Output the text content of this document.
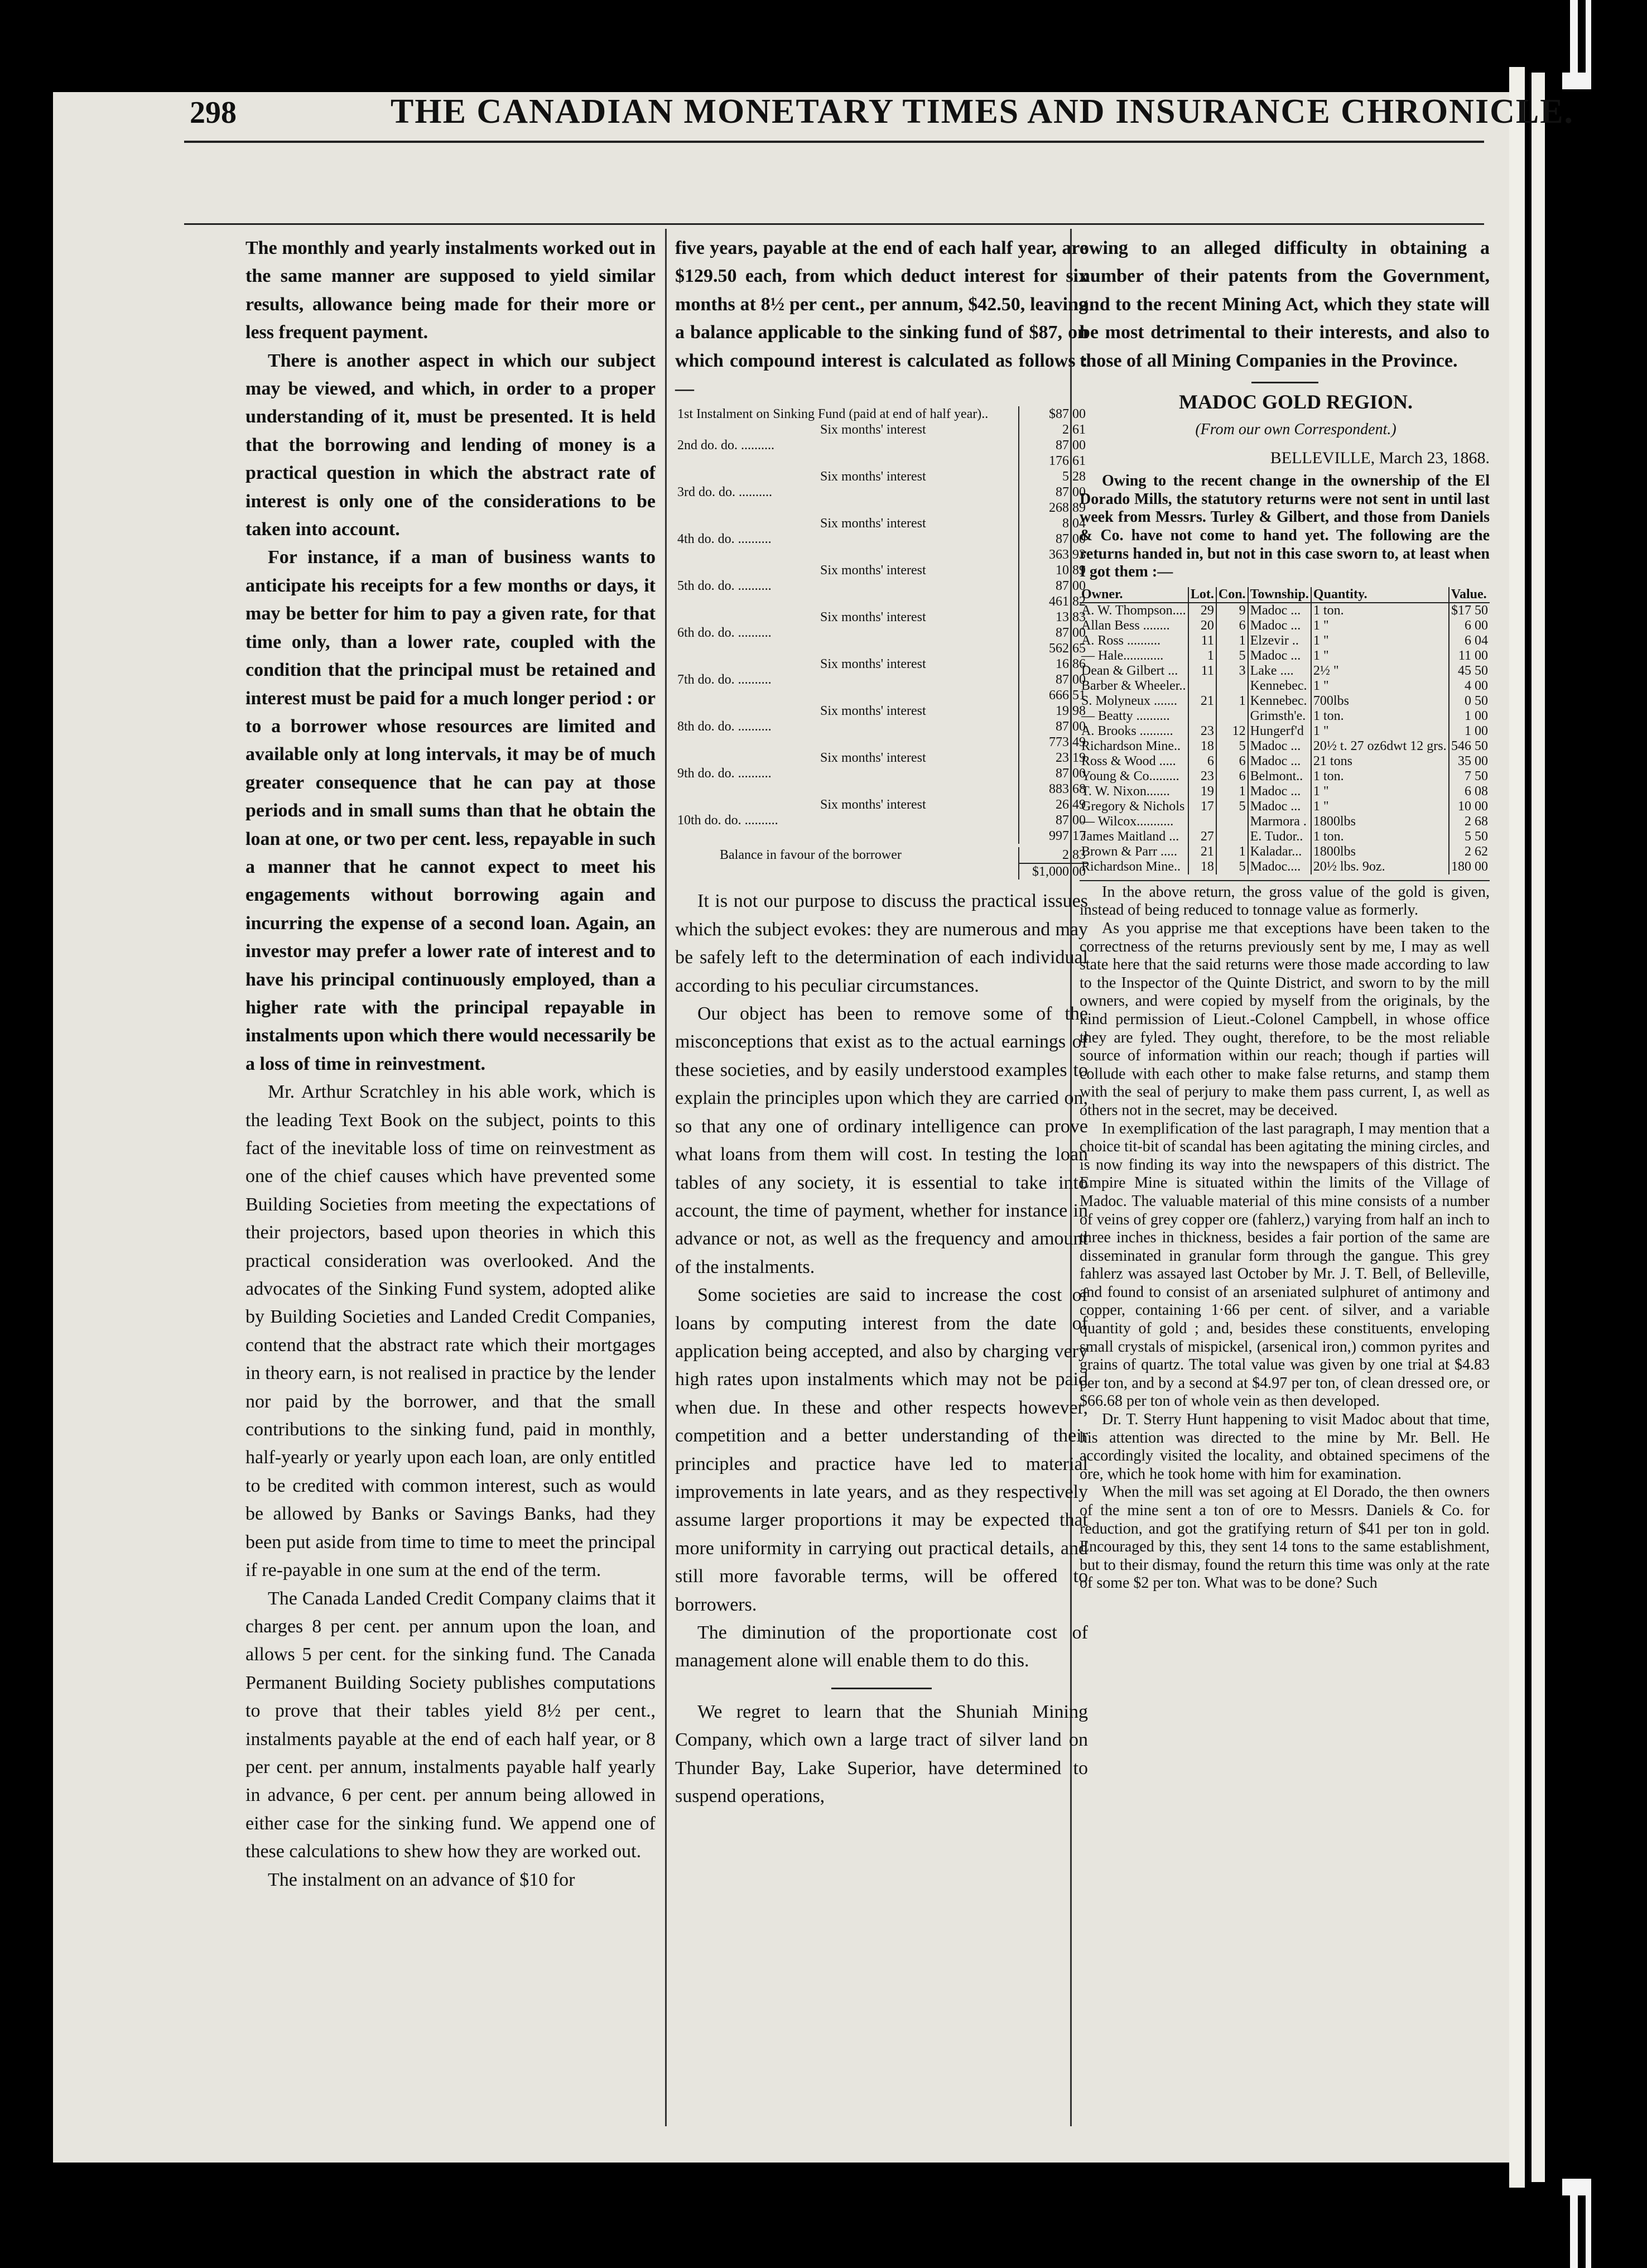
298	THE CANADIAN MONETARY TIMES AND INSURANCE CHRONICLE.

The monthly and yearly instalments worked out in the same manner are supposed to yield similar results, allowance being made for their more or less frequent payment.

There is another aspect in which our subject may be viewed, and which, in order to a proper understanding of it, must be presented. It is held that the borrowing and lending of money is a practical question in which the abstract rate of interest is only one of the considerations to be taken into account.

For instance, if a man of business wants to anticipate his receipts for a few months or days, it may be better for him to pay a given rate, for that time only, than a lower rate, coupled with the condition that the principal must be retained and interest must be paid for a much longer period : or to a borrower whose resources are limited and available only at long intervals, it may be of much greater consequence that he can pay at those periods and in small sums than that he obtain the loan at one, or two per cent. less, repayable in such a manner that he cannot expect to meet his engagements without borrowing again and incurring the expense of a second loan. Again, an investor may prefer a lower rate of interest and to have his principal continuously employed, than a higher rate with the principal repayable in instalments upon which there would necessarily be a loss of time in reinvestment.

Mr. Arthur Scratchley in his able work, which is the leading Text Book on the subject, points to this fact of the inevitable loss of time on reinvestment as one of the chief causes which have prevented some Building Societies from meeting the expectations of their projectors, based upon theories in which this practical consideration was overlooked. And the advocates of the Sinking Fund system, adopted alike by Building Societies and Landed Credit Companies, contend that the abstract rate which their mortgages in theory earn, is not realised in practice by the lender nor paid by the borrower, and that the small contributions to the sinking fund, paid in monthly, half-yearly or yearly upon each loan, are only entitled to be credited with common interest, such as would be allowed by Banks or Savings Banks, had they been put aside from time to time to meet the principal if re-payable in one sum at the end of the term.

The Canada Landed Credit Company claims that it charges 8 per cent. per annum upon the loan, and allows 5 per cent. for the sinking fund. The Canada Permanent Building Society publishes computations to prove that their tables yield 8½ per cent., instalments payable at the end of each half year, or 8 per cent. per annum, instalments payable half yearly in advance, 6 per cent. per annum being allowed in either case for the sinking fund. We append one of these calculations to shew how they are worked out.

The instalment on an advance of $10 for

five years, payable at the end of each half year, are $129.50 each, from which deduct interest for six months at 8½ per cent., per annum, $42.50, leaving a balance applicable to the sinking fund of $87, on which compound interest is calculated as follows :—

1st Instalment on Sinking Fund (paid at end of half year)..	$87 00
Six months' interest	2 61
2nd do. do. ..........	87 00
	176 61
Six months' interest	5 28
3rd do. do. ..........	87 00
	268 89
Six months' interest	8 04
4th do. do. ..........	87 00
	363 93
Six months' interest	10 89
5th do. do. ..........	87 00
	461 82
Six months' interest	13 83
6th do. do. ..........	87 00
	562 65
Six months' interest	16 86
7th do. do. ..........	87 00
	666 51
Six months' interest	19 98
8th do. do. ..........	87 00
	773 49
Six months' interest	23 19
9th do. do. ..........	87 00
	883 68
Six months' interest	26 49
10th do. do. ..........	87 00
	997 17
Balance in favour of the borrower	2 83
	$1,000 00

It is not our purpose to discuss the practical issues which the subject evokes: they are numerous and may be safely left to the determination of each individual according to his peculiar circumstances.

Our object has been to remove some of the misconceptions that exist as to the actual earnings of these societies, and by easily understood examples to explain the principles upon which they are carried on, so that any one of ordinary intelligence can prove what loans from them will cost. In testing the loan tables of any society, it is essential to take into account, the time of payment, whether for instance in advance or not, as well as the frequency and amount of the instalments.

Some societies are said to increase the cost of loans by computing interest from the date of application being accepted, and also by charging very high rates upon instalments which may not be paid when due. In these and other respects however, competition and a better understanding of their principles and practice have led to material improvements in late years, and as they respectively assume larger proportions it may be expected that more uniformity in carrying out practical details, and still more favorable terms, will be offered to borrowers.

The diminution of the proportionate cost of management alone will enable them to do this.

We regret to learn that the Shuniah Mining Company, which own a large tract of silver land on Thunder Bay, Lake Superior, have determined to suspend operations,

owing to an alleged difficulty in obtaining a number of their patents from the Government, and to the recent Mining Act, which they state will be most detrimental to their interests, and also to those of all Mining Companies in the Province.

MADOC GOLD REGION.

(From our own Correspondent.)

BELLEVILLE, March 23, 1868.

Owing to the recent change in the ownership of the El Dorado Mills, the statutory returns were not sent in until last week from Messrs. Turley & Gilbert, and those from Daniels & Co. have not come to hand yet. The following are the returns handed in, but not in this case sworn to, at least when I got them :—

Owner.	Lot.	Con.	Township.	Quantity.	Value.
A. W. Thompson....	29	9	Madoc ...	1 ton.	$17 50
Allan Bess ........	20	6	Madoc ...	1 "	6 00
A. Ross ..........	11	1	Elzevir ..	1 "	6 04
— Hale............	1	5	Madoc ...	1 "	11 00
Dean & Gilbert ...	11	3	Lake ....	2½ "	45 50
Barber & Wheeler..			Kennebec.	1 "	4 00
S. Molyneux .......	21	1	Kennebec.	700lbs	0 50
— Beatty ..........			Grimsth'e.	1 ton.	1 00
A. Brooks ..........	23	12	Hungerf'd	1 "	1 00
Richardson Mine..	18	5	Madoc ...	20½ t. 27 oz6dwt 12 grs.	546 50
Ross & Wood .....	6	6	Madoc ...	21 tons	35 00
Young & Co.........	23	6	Belmont..	1 ton.	7 50
T. W. Nixon.......	19	1	Madoc ...	1 "	6 08
Gregory & Nichols	17	5	Madoc ...	1 "	10 00
— Wilcox...........			Marmora .	1800lbs	2 68
James Maitland ...	27		E. Tudor..	1 ton.	5 50
Brown & Parr .....	21	1	Kaladar...	1800lbs	2 62
Richardson Mine..	18	5	Madoc....	20½ lbs. 9oz.	180 00

In the above return, the gross value of the gold is given, instead of being reduced to tonnage value as formerly.

As you apprise me that exceptions have been taken to the correctness of the returns previously sent by me, I may as well state here that the said returns were those made according to law to the Inspector of the Quinte District, and sworn to by the mill owners, and were copied by myself from the originals, by the kind permission of Lieut.-Colonel Campbell, in whose office they are fyled. They ought, therefore, to be the most reliable source of information within our reach; though if parties will collude with each other to make false returns, and stamp them with the seal of perjury to make them pass current, I, as well as others not in the secret, may be deceived.

In exemplification of the last paragraph, I may mention that a choice tit-bit of scandal has been agitating the mining circles, and is now finding its way into the newspapers of this district. The Empire Mine is situated within the limits of the Village of Madoc. The valuable material of this mine consists of a number of veins of grey copper ore (fahlerz,) varying from half an inch to three inches in thickness, besides a fair portion of the same are disseminated in granular form through the gangue. This grey fahlerz was assayed last October by Mr. J. T. Bell, of Belleville, and found to consist of an arseniated sulphuret of antimony and copper, containing 1·66 per cent. of silver, and a variable quantity of gold ; and, besides these constituents, enveloping small crystals of mispickel, (arsenical iron,) common pyrites and grains of quartz. The total value was given by one trial at $4.83 per ton, and by a second at $4.97 per ton, of clean dressed ore, or $66.68 per ton of whole vein as then developed.

Dr. T. Sterry Hunt happening to visit Madoc about that time, his attention was directed to the mine by Mr. Bell. He accordingly visited the locality, and obtained specimens of the ore, which he took home with him for examination.

When the mill was set agoing at El Dorado, the then owners of the mine sent a ton of ore to Messrs. Daniels & Co. for reduction, and got the gratifying return of $41 per ton in gold. Encouraged by this, they sent 14 tons to the same establishment, but to their dismay, found the return this time was only at the rate of some $2 per ton. What was to be done? Such
